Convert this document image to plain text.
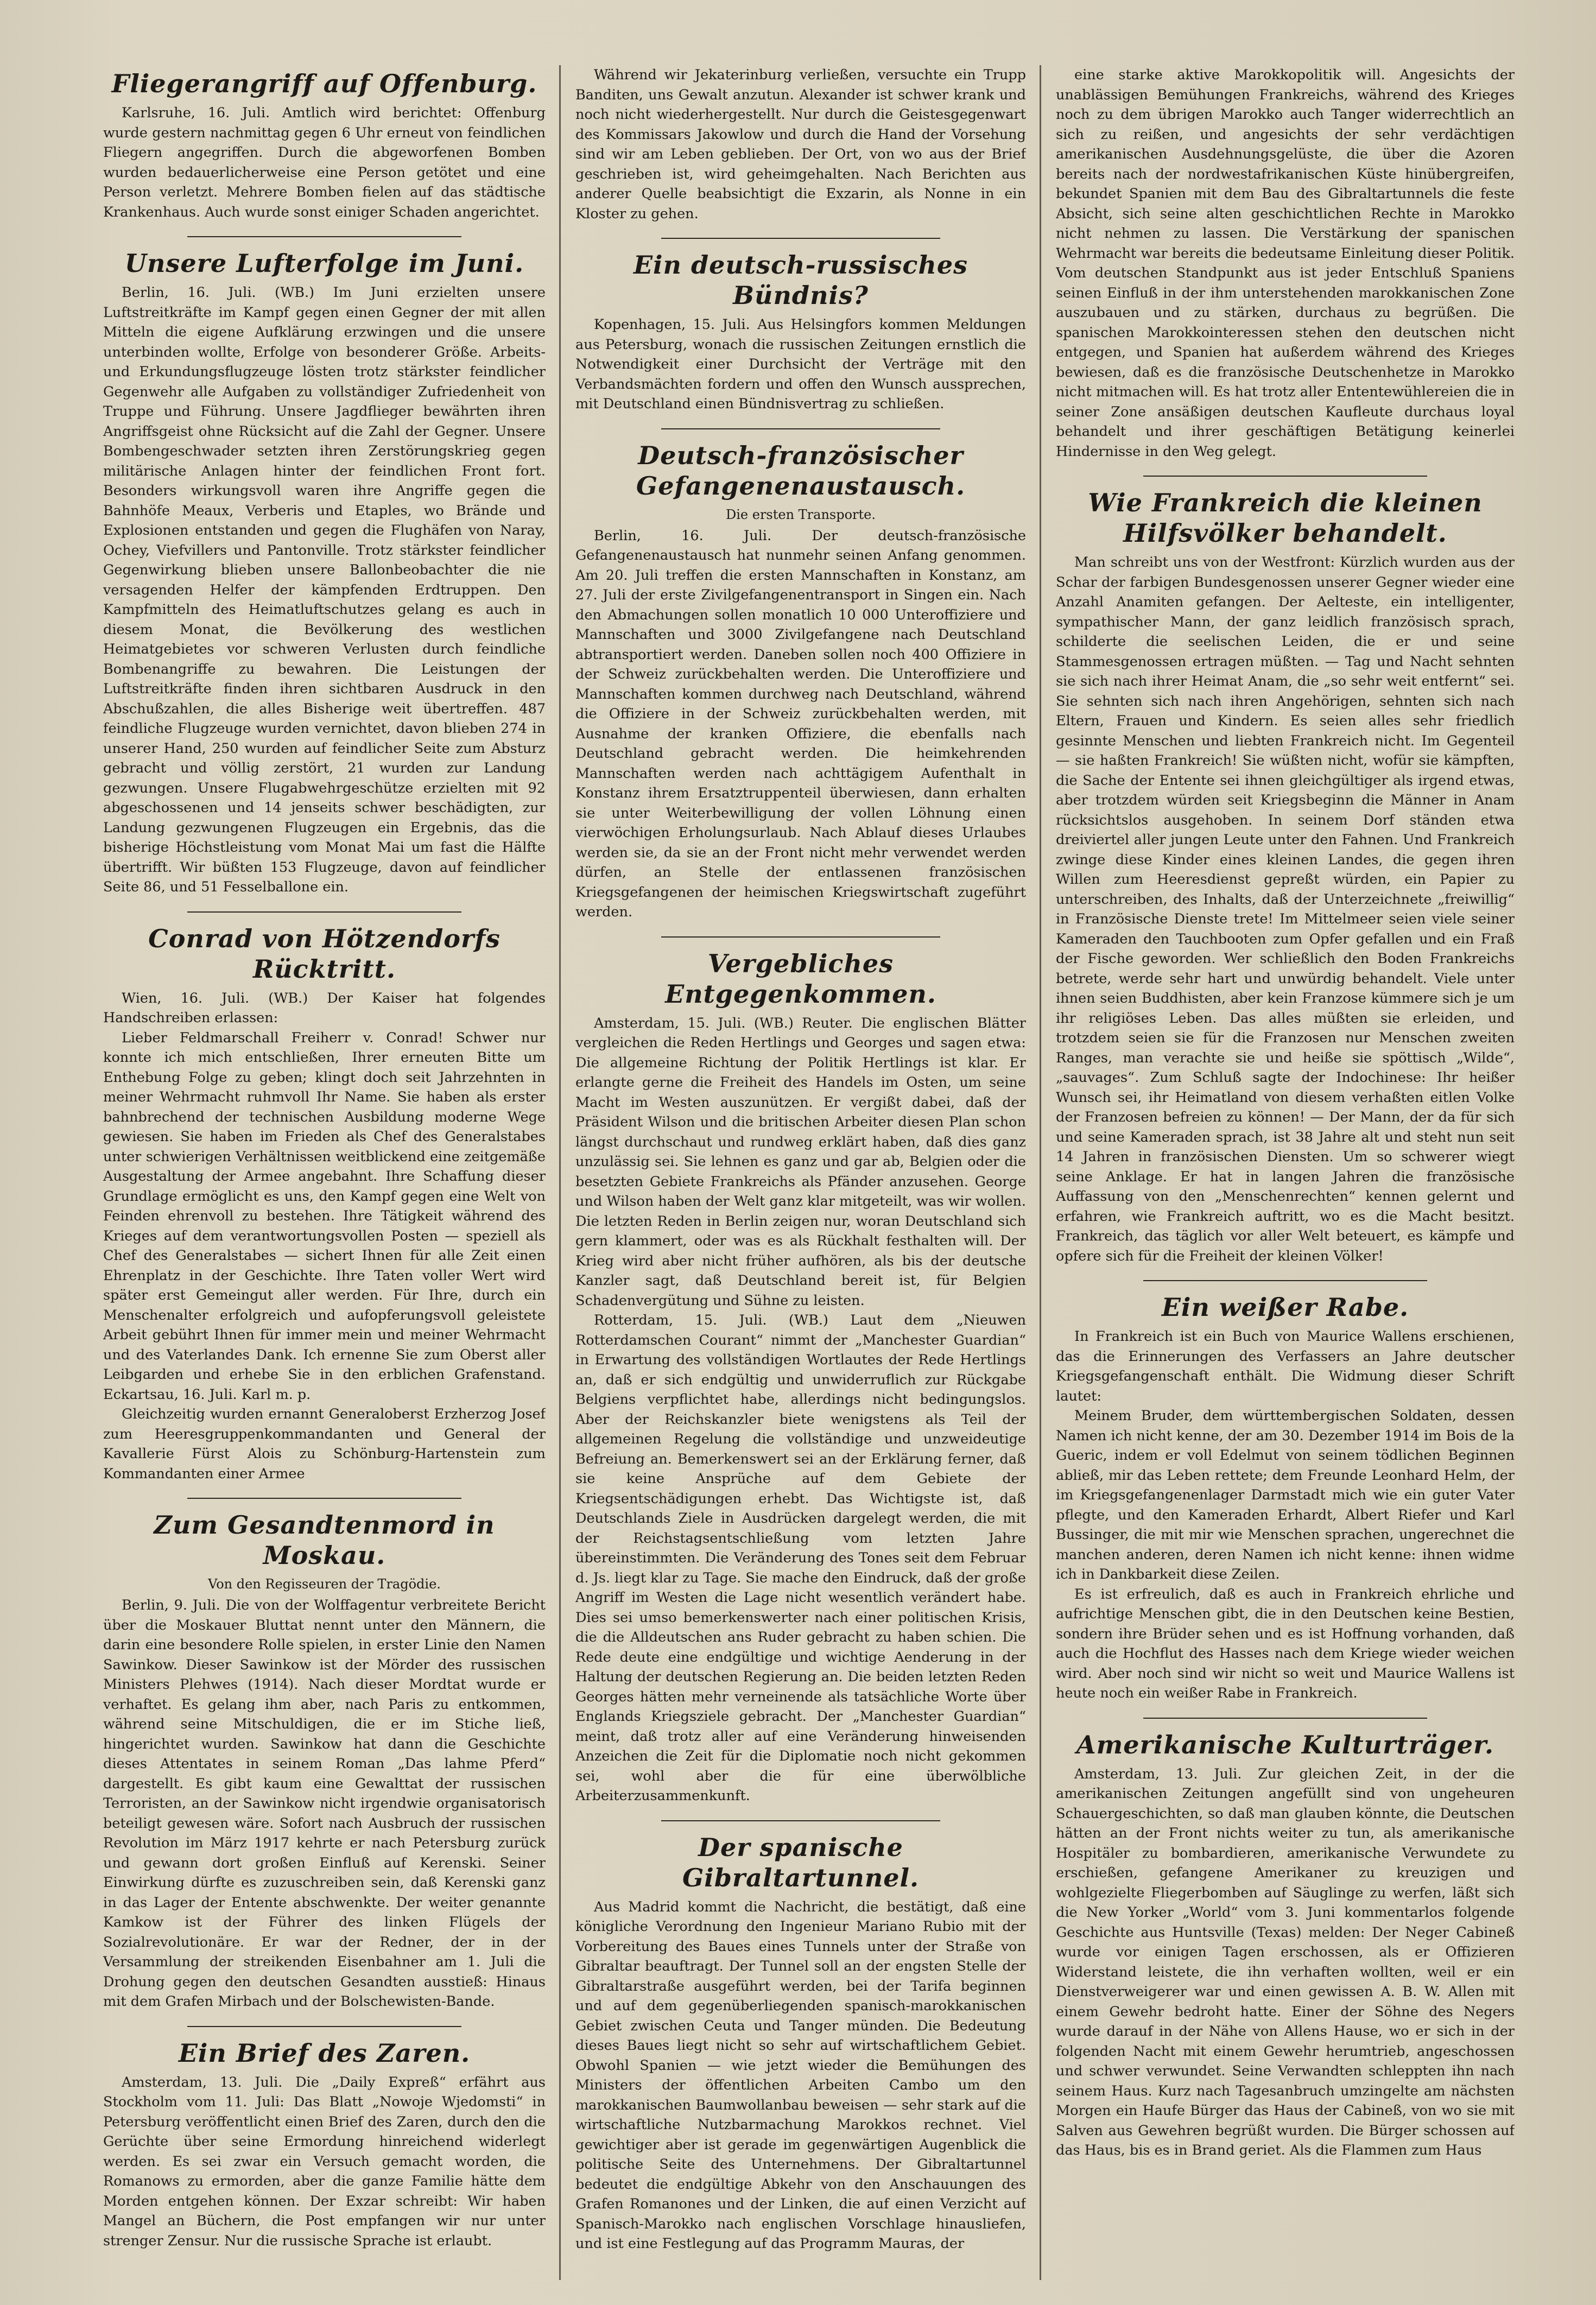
Fliegerangriff auf Offenburg.

Karlsruhe, 16. Juli. Amtlich wird berichtet: Offenburg wurde gestern nachmittag gegen 6 Uhr erneut von feindlichen Fliegern angegriffen. Durch die abgeworfenen Bomben wurden bedauerlicherweise eine Person getötet und eine Person verletzt. Mehrere Bomben fielen auf das städtische Krankenhaus. Auch wurde sonst einiger Schaden angerichtet.

Unsere Lufterfolge im Juni.

Berlin, 16. Juli. (WB.) Im Juni erzielten unsere Luftstreitkräfte im Kampf gegen einen Gegner der mit allen Mitteln die eigene Aufklärung erzwingen und die unsere unterbinden wollte, Erfolge von besonderer Größe. Arbeits- und Erkundungsflugzeuge lösten trotz stärkster feindlicher Gegenwehr alle Aufgaben zu vollständiger Zufriedenheit von Truppe und Führung. Unsere Jagdflieger bewährten ihren Angriffsgeist ohne Rücksicht auf die Zahl der Gegner. Unsere Bombengeschwader setzten ihren Zerstörungskrieg gegen militärische Anlagen hinter der feindlichen Front fort. Besonders wirkungsvoll waren ihre Angriffe gegen die Bahnhöfe Meaux, Verberis und Etaples, wo Brände und Explosionen entstanden und gegen die Flughäfen von Naray, Ochey, Viefvillers und Pantonville. Trotz stärkster feindlicher Gegenwirkung blieben unsere Ballonbeobachter die nie versagenden Helfer der kämpfenden Erdtruppen. Den Kampfmitteln des Heimatluftschutzes gelang es auch in diesem Monat, die Bevölkerung des westlichen Heimatgebietes vor schweren Verlusten durch feindliche Bombenangriffe zu bewahren. Die Leistungen der Luftstreitkräfte finden ihren sichtbaren Ausdruck in den Abschußzahlen, die alles Bisherige weit übertreffen. 487 feindliche Flugzeuge wurden vernichtet, davon blieben 274 in unserer Hand, 250 wurden auf feindlicher Seite zum Absturz gebracht und völlig zerstört, 21 wurden zur Landung gezwungen. Unsere Flugabwehrgeschütze erzielten mit 92 abgeschossenen und 14 jenseits schwer beschädigten, zur Landung gezwungenen Flugzeugen ein Ergebnis, das die bisherige Höchstleistung vom Monat Mai um fast die Hälfte übertrifft. Wir büßten 153 Flugzeuge, davon auf feindlicher Seite 86, und 51 Fesselballone ein.

Conrad von Hötzendorfs Rücktritt.

Wien, 16. Juli. (WB.) Der Kaiser hat folgendes Handschreiben erlassen:

Lieber Feldmarschall Freiherr v. Conrad! Schwer nur konnte ich mich entschließen, Ihrer erneuten Bitte um Enthebung Folge zu geben; klingt doch seit Jahrzehnten in meiner Wehrmacht ruhmvoll Ihr Name. Sie haben als erster bahnbrechend der technischen Ausbildung moderne Wege gewiesen. Sie haben im Frieden als Chef des Generalstabes unter schwierigen Verhältnissen weitblickend eine zeitgemäße Ausgestaltung der Armee angebahnt. Ihre Schaffung dieser Grundlage ermöglicht es uns, den Kampf gegen eine Welt von Feinden ehrenvoll zu bestehen. Ihre Tätigkeit während des Krieges auf dem verantwortungsvollen Posten — speziell als Chef des Generalstabes — sichert Ihnen für alle Zeit einen Ehrenplatz in der Geschichte. Ihre Taten voller Wert wird später erst Gemeingut aller werden. Für Ihre, durch ein Menschenalter erfolgreich und aufopferungsvoll geleistete Arbeit gebührt Ihnen für immer mein und meiner Wehrmacht und des Vaterlandes Dank. Ich ernenne Sie zum Oberst aller Leibgarden und erhebe Sie in den erblichen Grafenstand. Eckartsau, 16. Juli. Karl m. p.

Gleichzeitig wurden ernannt Generaloberst Erzherzog Josef zum Heeresgruppenkommandanten und General der Kavallerie Fürst Alois zu Schönburg-Hartenstein zum Kommandanten einer Armee

Zum Gesandtenmord in Moskau.
Von den Regisseuren der Tragödie.

Berlin, 9. Juli. Die von der Wolffagentur verbreitete Bericht über die Moskauer Bluttat nennt unter den Männern, die darin eine besondere Rolle spielen, in erster Linie den Namen Sawinkow. Dieser Sawinkow ist der Mörder des russischen Ministers Plehwes (1914). Nach dieser Mordtat wurde er verhaftet. Es gelang ihm aber, nach Paris zu entkommen, während seine Mitschuldigen, die er im Stiche ließ, hingerichtet wurden. Sawinkow hat dann die Geschichte dieses Attentates in seinem Roman „Das lahme Pferd“ dargestellt. Es gibt kaum eine Gewalttat der russischen Terroristen, an der Sawinkow nicht irgendwie organisatorisch beteiligt gewesen wäre. Sofort nach Ausbruch der russischen Revolution im März 1917 kehrte er nach Petersburg zurück und gewann dort großen Einfluß auf Kerenski. Seiner Einwirkung dürfte es zuzuschreiben sein, daß Kerenski ganz in das Lager der Entente abschwenkte. Der weiter genannte Kamkow ist der Führer des linken Flügels der Sozialrevolutionäre. Er war der Redner, der in der Versammlung der streikenden Eisenbahner am 1. Juli die Drohung gegen den deutschen Gesandten ausstieß: Hinaus mit dem Grafen Mirbach und der Bolschewisten-Bande.

Ein Brief des Zaren.

Amsterdam, 13. Juli. Die „Daily Expreß“ erfährt aus Stockholm vom 11. Juli: Das Blatt „Nowoje Wjedomsti“ in Petersburg veröffentlicht einen Brief des Zaren, durch den die Gerüchte über seine Ermordung hinreichend widerlegt werden. Es sei zwar ein Versuch gemacht worden, die Romanows zu ermorden, aber die ganze Familie hätte dem Morden entgehen können. Der Exzar schreibt: Wir haben Mangel an Büchern, die Post empfangen wir nur unter strenger Zensur. Nur die russische Sprache ist erlaubt.

Während wir Jekaterinburg verließen, versuchte ein Trupp Banditen, uns Gewalt anzutun. Alexander ist schwer krank und noch nicht wiederhergestellt. Nur durch die Geistesgegenwart des Kommissars Jakowlow und durch die Hand der Vorsehung sind wir am Leben geblieben. Der Ort, von wo aus der Brief geschrieben ist, wird geheimgehalten. Nach Berichten aus anderer Quelle beabsichtigt die Exzarin, als Nonne in ein Kloster zu gehen.

Ein deutsch-russisches Bündnis?

Kopenhagen, 15. Juli. Aus Helsingfors kommen Meldungen aus Petersburg, wonach die russischen Zeitungen ernstlich die Notwendigkeit einer Durchsicht der Verträge mit den Verbandsmächten fordern und offen den Wunsch aussprechen, mit Deutschland einen Bündnisvertrag zu schließen.

Deutsch-französischer Gefangenenaustausch.
Die ersten Transporte.

Berlin, 16. Juli. Der deutsch-französische Gefangenenaustausch hat nunmehr seinen Anfang genommen. Am 20. Juli treffen die ersten Mannschaften in Konstanz, am 27. Juli der erste Zivilgefangenentransport in Singen ein. Nach den Abmachungen sollen monatlich 10 000 Unteroffiziere und Mannschaften und 3000 Zivilgefangene nach Deutschland abtransportiert werden. Daneben sollen noch 400 Offiziere in der Schweiz zurückbehalten werden. Die Unteroffiziere und Mannschaften kommen durchweg nach Deutschland, während die Offiziere in der Schweiz zurückbehalten werden, mit Ausnahme der kranken Offiziere, die ebenfalls nach Deutschland gebracht werden. Die heimkehrenden Mannschaften werden nach achttägigem Aufenthalt in Konstanz ihrem Ersatztruppenteil überwiesen, dann erhalten sie unter Weiterbewilligung der vollen Löhnung einen vierwöchigen Erholungsurlaub. Nach Ablauf dieses Urlaubes werden sie, da sie an der Front nicht mehr verwendet werden dürfen, an Stelle der entlassenen französischen Kriegsgefangenen der heimischen Kriegswirtschaft zugeführt werden.

Vergebliches Entgegenkommen.

Amsterdam, 15. Juli. (WB.) Reuter. Die englischen Blätter vergleichen die Reden Hertlings und Georges und sagen etwa: Die allgemeine Richtung der Politik Hertlings ist klar. Er erlangte gerne die Freiheit des Handels im Osten, um seine Macht im Westen auszunützen. Er vergißt dabei, daß der Präsident Wilson und die britischen Arbeiter diesen Plan schon längst durchschaut und rundweg erklärt haben, daß dies ganz unzulässig sei. Sie lehnen es ganz und gar ab, Belgien oder die besetzten Gebiete Frankreichs als Pfänder anzusehen. George und Wilson haben der Welt ganz klar mitgeteilt, was wir wollen. Die letzten Reden in Berlin zeigen nur, woran Deutschland sich gern klammert, oder was es als Rückhalt festhalten will. Der Krieg wird aber nicht früher aufhören, als bis der deutsche Kanzler sagt, daß Deutschland bereit ist, für Belgien Schadenvergütung und Sühne zu leisten.

Rotterdam, 15. Juli. (WB.) Laut dem „Nieuwen Rotterdamschen Courant“ nimmt der „Manchester Guardian“ in Erwartung des vollständigen Wortlautes der Rede Hertlings an, daß er sich endgültig und unwiderruflich zur Rückgabe Belgiens verpflichtet habe, allerdings nicht bedingungslos. Aber der Reichskanzler biete wenigstens als Teil der allgemeinen Regelung die vollständige und unzweideutige Befreiung an. Bemerkenswert sei an der Erklärung ferner, daß sie keine Ansprüche auf dem Gebiete der Kriegsentschädigungen erhebt. Das Wichtigste ist, daß Deutschlands Ziele in Ausdrücken dargelegt werden, die mit der Reichstagsentschließung vom letzten Jahre übereinstimmten. Die Veränderung des Tones seit dem Februar d. Js. liegt klar zu Tage. Sie mache den Eindruck, daß der große Angriff im Westen die Lage nicht wesentlich verändert habe. Dies sei umso bemerkenswerter nach einer politischen Krisis, die die Alldeutschen ans Ruder gebracht zu haben schien. Die Rede deute eine endgültige und wichtige Aenderung in der Haltung der deutschen Regierung an. Die beiden letzten Reden Georges hätten mehr verneinende als tatsächliche Worte über Englands Kriegsziele gebracht. Der „Manchester Guardian“ meint, daß trotz aller auf eine Veränderung hinweisenden Anzeichen die Zeit für die Diplomatie noch nicht gekommen sei, wohl aber die für eine überwölbliche Arbeiterzusammenkunft.

Der spanische Gibraltartunnel.

Aus Madrid kommt die Nachricht, die bestätigt, daß eine königliche Verordnung den Ingenieur Mariano Rubio mit der Vorbereitung des Baues eines Tunnels unter der Straße von Gibraltar beauftragt. Der Tunnel soll an der engsten Stelle der Gibraltarstraße ausgeführt werden, bei der Tarifa beginnen und auf dem gegenüberliegenden spanisch-marokkanischen Gebiet zwischen Ceuta und Tanger münden. Die Bedeutung dieses Baues liegt nicht so sehr auf wirtschaftlichem Gebiet. Obwohl Spanien — wie jetzt wieder die Bemühungen des Ministers der öffentlichen Arbeiten Cambo um den marokkanischen Baumwollanbau beweisen — sehr stark auf die wirtschaftliche Nutzbarmachung Marokkos rechnet. Viel gewichtiger aber ist gerade im gegenwärtigen Augenblick die politische Seite des Unternehmens. Der Gibraltartunnel bedeutet die endgültige Abkehr von den Anschauungen des Grafen Romanones und der Linken, die auf einen Verzicht auf Spanisch-Marokko nach englischen Vorschlage hinausliefen, und ist eine Festlegung auf das Programm Mauras, der

eine starke aktive Marokkopolitik will. Angesichts der unablässigen Bemühungen Frankreichs, während des Krieges noch zu dem übrigen Marokko auch Tanger widerrechtlich an sich zu reißen, und angesichts der sehr verdächtigen amerikanischen Ausdehnungsgelüste, die über die Azoren bereits nach der nordwestafrikanischen Küste hinübergreifen, bekundet Spanien mit dem Bau des Gibraltartunnels die feste Absicht, sich seine alten geschichtlichen Rechte in Marokko nicht nehmen zu lassen. Die Verstärkung der spanischen Wehrmacht war bereits die bedeutsame Einleitung dieser Politik. Vom deutschen Standpunkt aus ist jeder Entschluß Spaniens seinen Einfluß in der ihm unterstehenden marokkanischen Zone auszubauen und zu stärken, durchaus zu begrüßen. Die spanischen Marokkointeressen stehen den deutschen nicht entgegen, und Spanien hat außerdem während des Krieges bewiesen, daß es die französische Deutschenhetze in Marokko nicht mitmachen will. Es hat trotz aller Ententewühlereien die in seiner Zone ansäßigen deutschen Kaufleute durchaus loyal behandelt und ihrer geschäftigen Betätigung keinerlei Hindernisse in den Weg gelegt.

Wie Frankreich die kleinen Hilfsvölker behandelt.

Man schreibt uns von der Westfront: Kürzlich wurden aus der Schar der farbigen Bundesgenossen unserer Gegner wieder eine Anzahl Anamiten gefangen. Der Aelteste, ein intelligenter, sympathischer Mann, der ganz leidlich französisch sprach, schilderte die seelischen Leiden, die er und seine Stammesgenossen ertragen müßten. — Tag und Nacht sehnten sie sich nach ihrer Heimat Anam, die „so sehr weit entfernt“ sei. Sie sehnten sich nach ihren Angehörigen, sehnten sich nach Eltern, Frauen und Kindern. Es seien alles sehr friedlich gesinnte Menschen und liebten Frankreich nicht. Im Gegenteil — sie haßten Frankreich! Sie wüßten nicht, wofür sie kämpften, die Sache der Entente sei ihnen gleichgültiger als irgend etwas, aber trotzdem würden seit Kriegsbeginn die Männer in Anam rücksichtslos ausgehoben. In seinem Dorf ständen etwa dreiviertel aller jungen Leute unter den Fahnen. Und Frankreich zwinge diese Kinder eines kleinen Landes, die gegen ihren Willen zum Heeresdienst gepreßt würden, ein Papier zu unterschreiben, des Inhalts, daß der Unterzeichnete „freiwillig“ in Französische Dienste trete! Im Mittelmeer seien viele seiner Kameraden den Tauchbooten zum Opfer gefallen und ein Fraß der Fische geworden. Wer schließlich den Boden Frankreichs betrete, werde sehr hart und unwürdig behandelt. Viele unter ihnen seien Buddhisten, aber kein Franzose kümmere sich je um ihr religiöses Leben. Das alles müßten sie erleiden, und trotzdem seien sie für die Franzosen nur Menschen zweiten Ranges, man verachte sie und heiße sie spöttisch „Wilde“, „sauvages“. Zum Schluß sagte der Indochinese: Ihr heißer Wunsch sei, ihr Heimatland von diesem verhaßten eitlen Volke der Franzosen befreien zu können! — Der Mann, der da für sich und seine Kameraden sprach, ist 38 Jahre alt und steht nun seit 14 Jahren in französischen Diensten. Um so schwerer wiegt seine Anklage. Er hat in langen Jahren die französische Auffassung von den „Menschenrechten“ kennen gelernt und erfahren, wie Frankreich auftritt, wo es die Macht besitzt. Frankreich, das täglich vor aller Welt beteuert, es kämpfe und opfere sich für die Freiheit der kleinen Völker!

Ein weißer Rabe.

In Frankreich ist ein Buch von Maurice Wallens erschienen, das die Erinnerungen des Verfassers an Jahre deutscher Kriegsgefangenschaft enthält. Die Widmung dieser Schrift lautet:

Meinem Bruder, dem württembergischen Soldaten, dessen Namen ich nicht kenne, der am 30. Dezember 1914 im Bois de la Gueric, indem er voll Edelmut von seinem tödlichen Beginnen abließ, mir das Leben rettete; dem Freunde Leonhard Helm, der im Kriegsgefangenenlager Darmstadt mich wie ein guter Vater pflegte, und den Kameraden Erhardt, Albert Riefer und Karl Bussinger, die mit mir wie Menschen sprachen, ungerechnet die manchen anderen, deren Namen ich nicht kenne: ihnen widme ich in Dankbarkeit diese Zeilen.

Es ist erfreulich, daß es auch in Frankreich ehrliche und aufrichtige Menschen gibt, die in den Deutschen keine Bestien, sondern ihre Brüder sehen und es ist Hoffnung vorhanden, daß auch die Hochflut des Hasses nach dem Kriege wieder weichen wird. Aber noch sind wir nicht so weit und Maurice Wallens ist heute noch ein weißer Rabe in Frankreich.

Amerikanische Kulturträger.

Amsterdam, 13. Juli. Zur gleichen Zeit, in der die amerikanischen Zeitungen angefüllt sind von ungeheuren Schauergeschichten, so daß man glauben könnte, die Deutschen hätten an der Front nichts weiter zu tun, als amerikanische Hospitäler zu bombardieren, amerikanische Verwundete zu erschießen, gefangene Amerikaner zu kreuzigen und wohlgezielte Fliegerbomben auf Säuglinge zu werfen, läßt sich die New Yorker „World“ vom 3. Juni kommentarlos folgende Geschichte aus Huntsville (Texas) melden: Der Neger Cabineß wurde vor einigen Tagen erschossen, als er Offizieren Widerstand leistete, die ihn verhaften wollten, weil er ein Dienstverweigerer war und einen gewissen A. B. W. Allen mit einem Gewehr bedroht hatte. Einer der Söhne des Negers wurde darauf in der Nähe von Allens Hause, wo er sich in der folgenden Nacht mit einem Gewehr herumtrieb, angeschossen und schwer verwundet. Seine Verwandten schleppten ihn nach seinem Haus. Kurz nach Tagesanbruch umzingelte am nächsten Morgen ein Haufe Bürger das Haus der Cabineß, von wo sie mit Salven aus Gewehren begrüßt wurden. Die Bürger schossen auf das Haus, bis es in Brand geriet. Als die Flammen zum Haus
